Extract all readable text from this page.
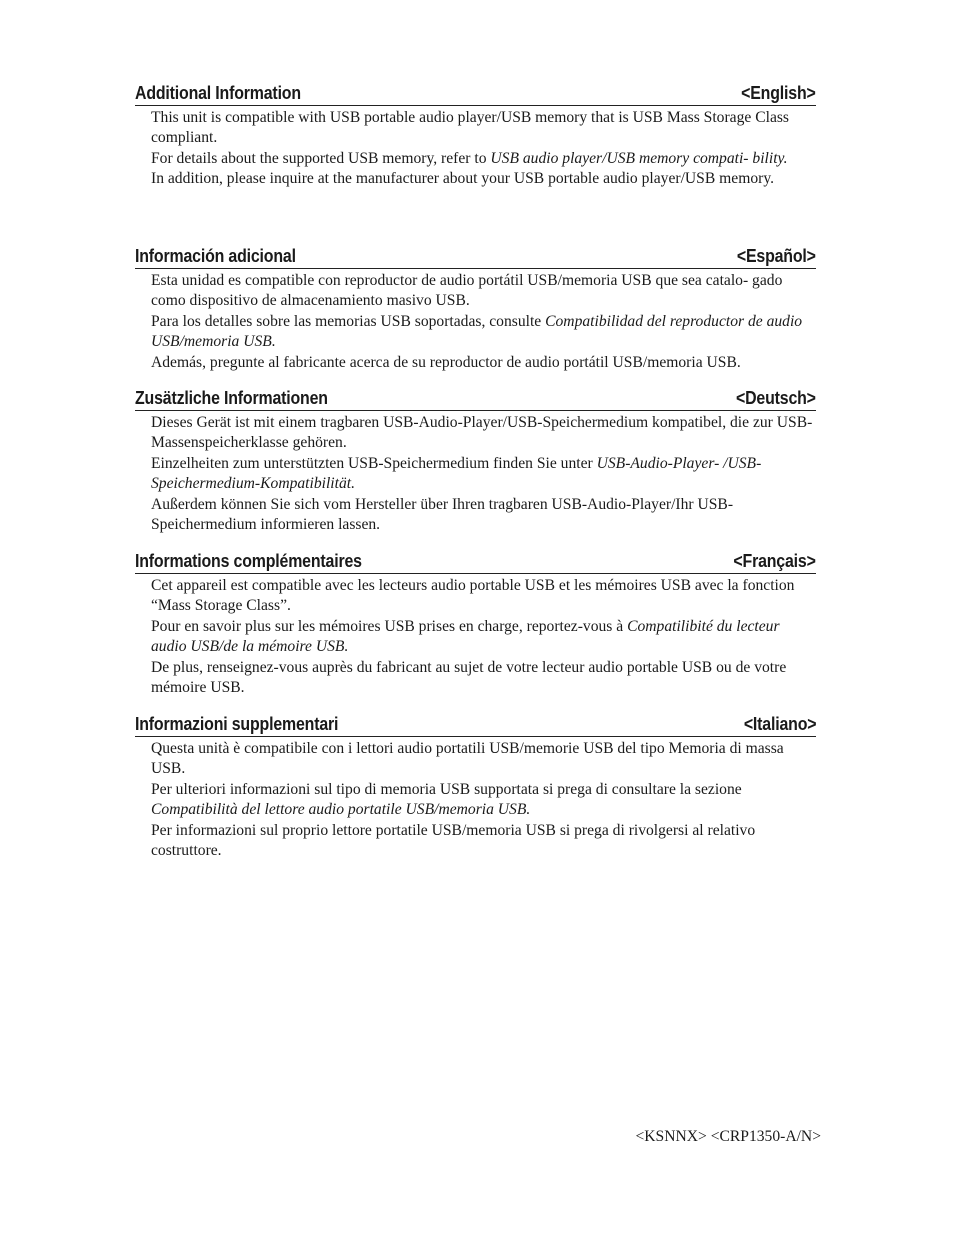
Additional Information	<English>

This unit is compatible with USB portable audio player/USB memory that is USB Mass Storage Class compliant.

For details about the supported USB memory, refer to USB audio player/USB memory compati- bility.

In addition, please inquire at the manufacturer about your USB portable audio player/USB memory.

Información adicional	<Español>

Esta unidad es compatible con reproductor de audio portátil USB/memoria USB que sea catalo- gado como dispositivo de almacenamiento masivo USB.

Para los detalles sobre las memorias USB soportadas, consulte Compatibilidad del reproductor de audio USB/memoria USB.

Además, pregunte al fabricante acerca de su reproductor de audio portátil USB/memoria USB.

Zusätzliche Informationen	<Deutsch>

Dieses Gerät ist mit einem tragbaren USB-Audio-Player/USB-Speichermedium kompatibel, die zur USB-Massenspeicherklasse gehören.

Einzelheiten zum unterstützten USB-Speichermedium finden Sie unter USB-Audio-Player- /USB-Speichermedium-Kompatibilität.

Außerdem können Sie sich vom Hersteller über Ihren tragbaren USB-Audio-Player/Ihr USB- Speichermedium informieren lassen.

Informations complémentaires	<Français>

Cet appareil est compatible avec les lecteurs audio portable USB et les mémoires USB avec la fonction “Mass Storage Class”.

Pour en savoir plus sur les mémoires USB prises en charge, reportez-vous à Compatilibité du lecteur audio USB/de la mémoire USB.

De plus, renseignez-vous auprès du fabricant au sujet de votre lecteur audio portable USB ou de votre mémoire USB.

Informazioni supplementari	<Italiano>

Questa unità è compatibile con i lettori audio portatili USB/memorie USB del tipo Memoria di massa USB.

Per ulteriori informazioni sul tipo di memoria USB supportata si prega di consultare la sezione Compatibilità del lettore audio portatile USB/memoria USB.

Per informazioni sul proprio lettore portatile USB/memoria USB si prega di rivolgersi al relativo costruttore.

<KSNNX> <CRP1350-A/N>
